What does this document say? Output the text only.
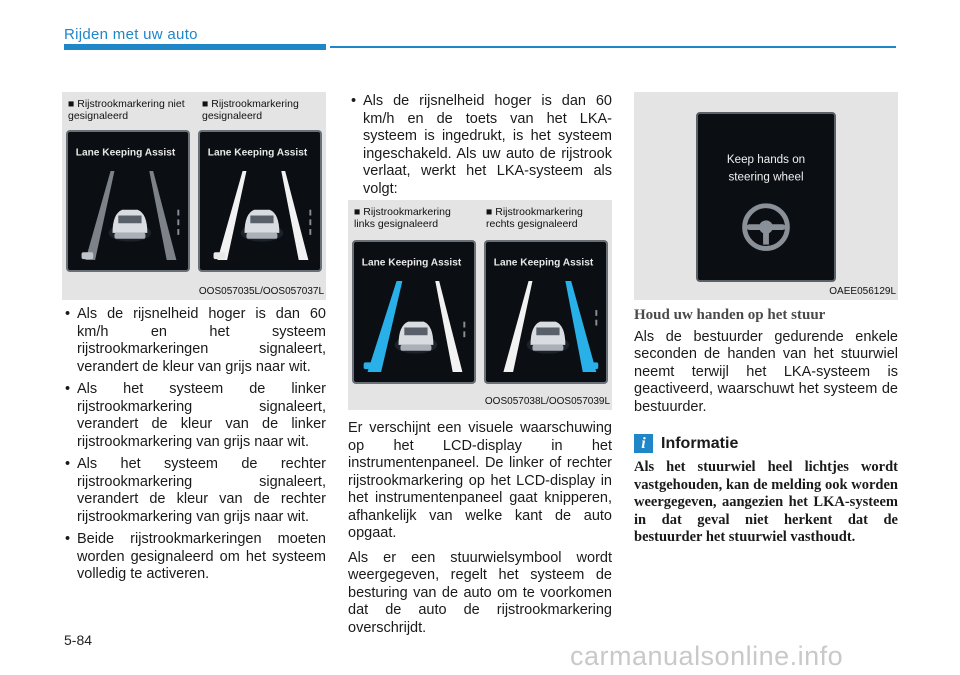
Rijden met uw auto
■ Rijstrookmarkering niet gesignaleerd
■ Rijstrookmarkering gesignaleerd
Lane Keeping Assist	Lane Keeping Assist
OOS057035L/OOS057037L
• Als de rijsnelheid hoger is dan 60 km/h en het systeem rijstrookmarkeringen signaleert, verandert de kleur van grijs naar wit.
• Als het systeem de linker rijstrookmarkering signaleert, verandert de kleur van de linker rijstrookmarkering van grijs naar wit.
• Als het systeem de rechter rijstrookmarkering signaleert, verandert de kleur van de rechter rijstrookmarkering van grijs naar wit.
• Beide rijstrookmarkeringen moeten worden gesignaleerd om het systeem volledig te activeren.
• Als de rijsnelheid hoger is dan 60 km/h en de toets van het LKA-systeem is ingedrukt, is het systeem ingeschakeld. Als uw auto de rijstrook verlaat, werkt het LKA-systeem als volgt:
■ Rijstrookmarkering links gesignaleerd
■ Rijstrookmarkering rechts gesignaleerd
Lane Keeping Assist	Lane Keeping Assist
OOS057038L/OOS057039L
Er verschijnt een visuele waarschuwing op het LCD-display in het instrumentenpaneel. De linker of rechter rijstrookmarkering op het LCD-display in het instrumentenpaneel gaat knipperen, afhankelijk van welke kant de auto opgaat.
Als er een stuurwielsymbool wordt weergegeven, regelt het systeem de besturing van de auto om te voorkomen dat de auto de rijstrookmarkering overschrijdt.
Keep hands on
steering wheel
OAEE056129L
Houd uw handen op het stuur
Als de bestuurder gedurende enkele seconden de handen van het stuurwiel neemt terwijl het LKA-systeem is geactiveerd, waarschuwt het systeem de bestuurder.
i Informatie
Als het stuurwiel heel lichtjes wordt vastgehouden, kan de melding ook worden weergegeven, aangezien het LKA-systeem in dat geval niet herkent dat de bestuurder het stuurwiel vasthoudt.
5-84
carmanualsonline.info
